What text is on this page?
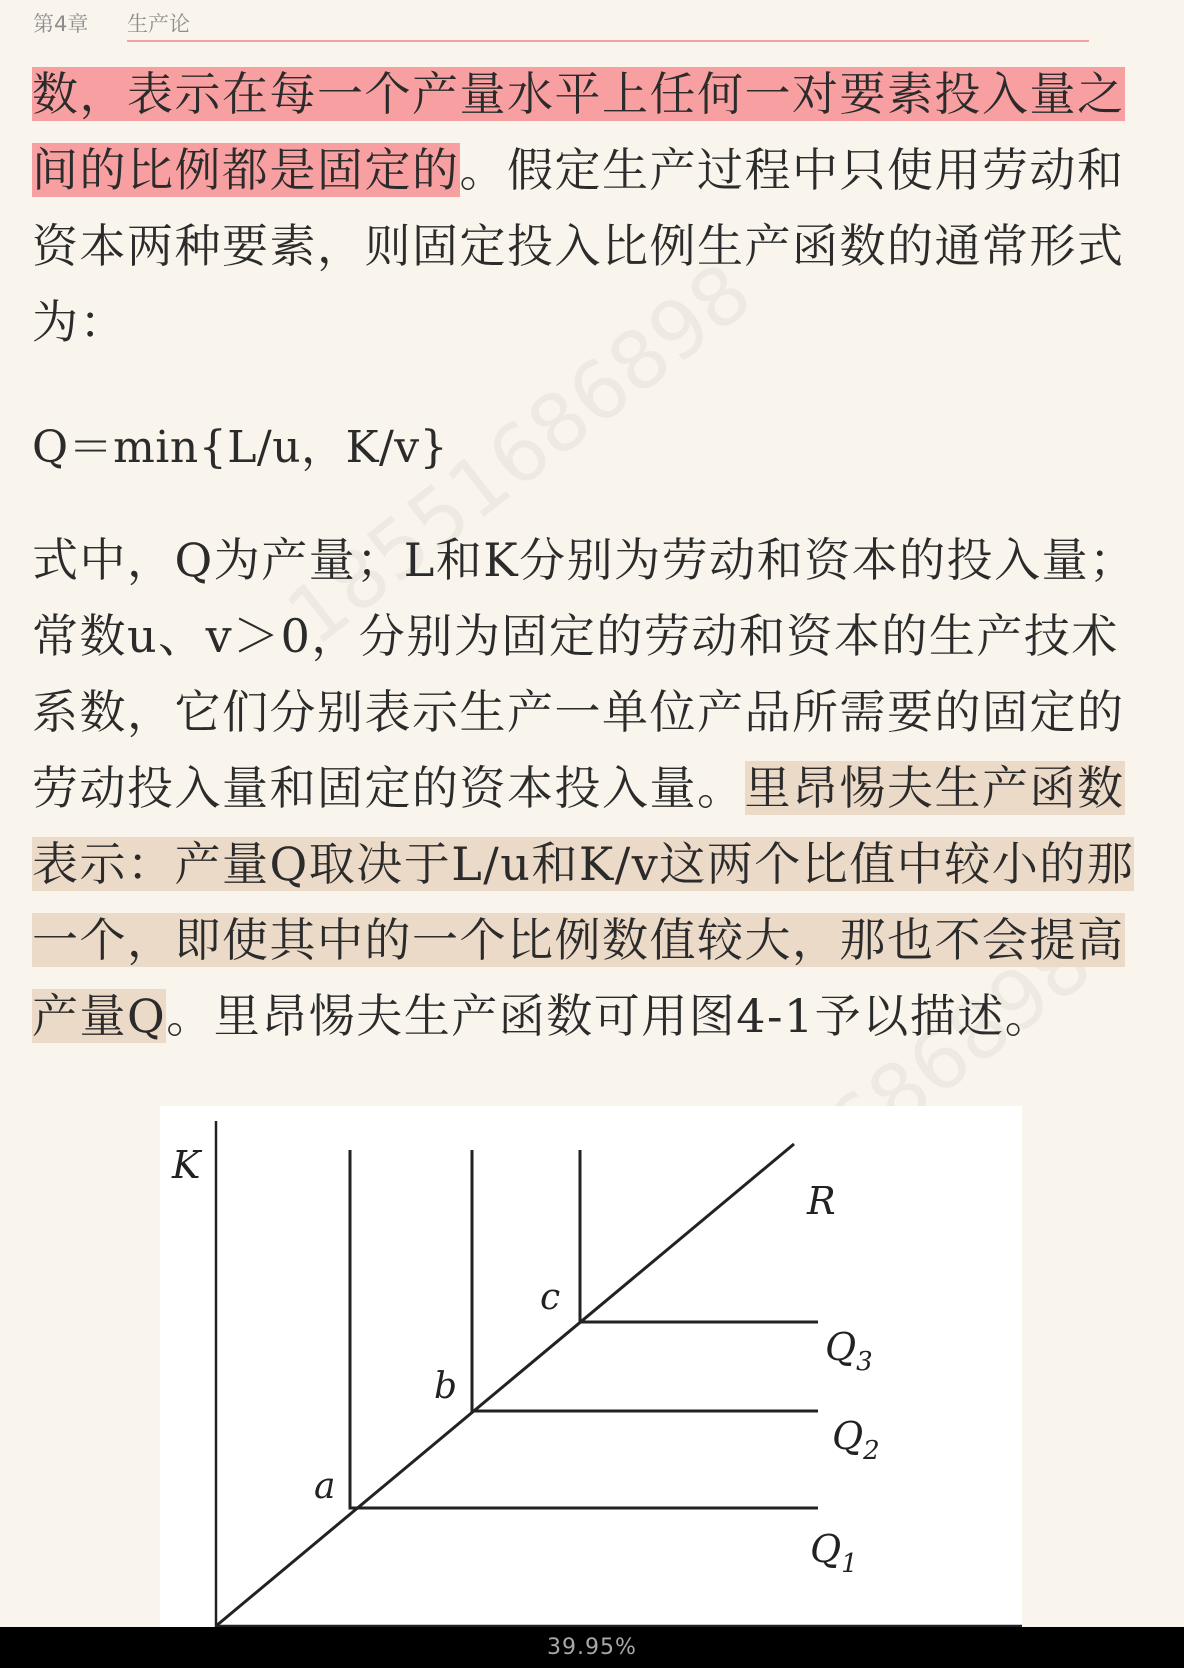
第4章 生产论

数，表示在每一个产量水平上任何一对要素投入量之间的比例都是固定的。假定生产过程中只使用劳动和资本两种要素，则固定投入比例生产函数的通常形式为：

Q＝min{L/u，K/v}

式中，Q为产量；L和K分别为劳动和资本的投入量；常数u、v＞0，分别为固定的劳动和资本的生产技术系数，它们分别表示生产一单位产品所需要的固定的劳动投入量和固定的资本投入量。里昂惕夫生产函数表示：产量Q取决于L/u和K/v这两个比值中较小的那一个，即使其中的一个比例数值较大，那也不会提高产量Q。里昂惕夫生产函数可用图4-1予以描述。

K
R
a
$Q_1$
b
$Q_2$
c
$Q_3$
39.95%
